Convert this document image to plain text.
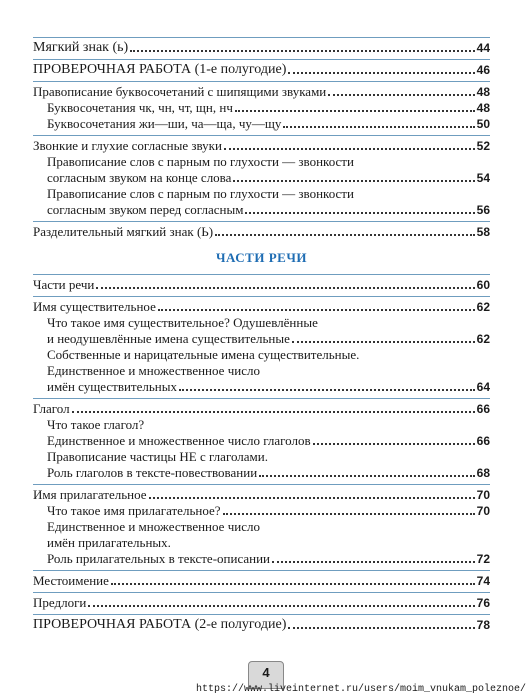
Мягкий знак (ь)	44
ПРОВЕРОЧНАЯ РАБОТА (1-е полугодие)	46
Правописание буквосочетаний с шипящими звуками	48
Буквосочетания чк, чн, чт, щн, нч	48
Буквосочетания жи—ши, ча—ща, чу—щу	50
Звонкие и глухие согласные звуки	52
Правописание слов с парным по глухости — звонкости
согласным звуком на конце слова	54
Правописание слов с парным по глухости — звонкости
согласным звуком перед согласным	56
Разделительный мягкий знак (Ь)	58
ЧАСТИ РЕЧИ
Части речи	60
Имя существительное	62
Что такое имя существительное? Одушевлённые
и неодушевлённые имена существительные	62
Собственные и нарицательные имена существительные.
Единственное и множественное число
имён существительных	64
Глагол	66
Что такое глагол?
Единственное и множественное число глаголов	66
Правописание частицы НЕ с глаголами.
Роль глаголов в тексте-повествовании	68
Имя прилагательное	70
Что такое имя прилагательное?	70
Единственное и множественное число
имён прилагательных.
Роль прилагательных в тексте-описании	72
Местоимение	74
Предлоги	76
ПРОВЕРОЧНАЯ РАБОТА (2-е полугодие)	78
4
https://www.liveinternet.ru/users/moim_vnukam_poleznoe/
